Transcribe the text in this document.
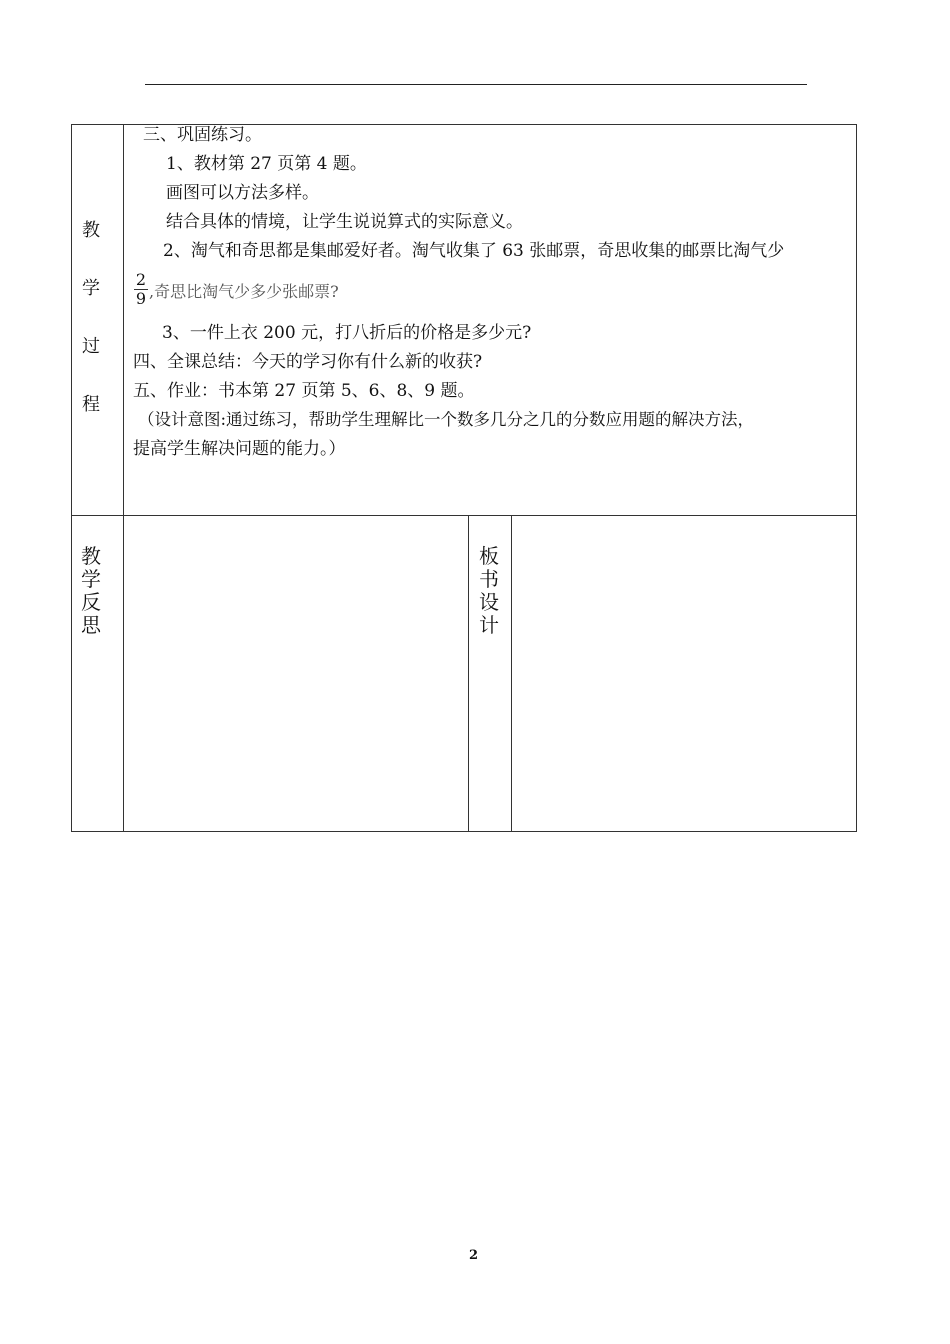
教
学
过
程
三、巩固练习。
1、教材第 27 页第 4 题。
画图可以方法多样。
结合具体的情境，让学生说说算式的实际意义。
2、淘气和奇思都是集邮爱好者。淘气收集了 63 张邮票，奇思收集的邮票比淘气少
$\frac{2}{9}$ ,奇思比淘气少多少张邮票?
3、一件上衣 200 元，打八折后的价格是多少元?
四、全课总结：今天的学习你有什么新的收获?
五、作业：书本第 27 页第 5、6、8、9 题。
（设计意图:通过练习，帮助学生理解比一个数多几分之几的分数应用题的解决方法，
提高学生解决问题的能力。）
教
学
反
思
板
书
设
计
2
